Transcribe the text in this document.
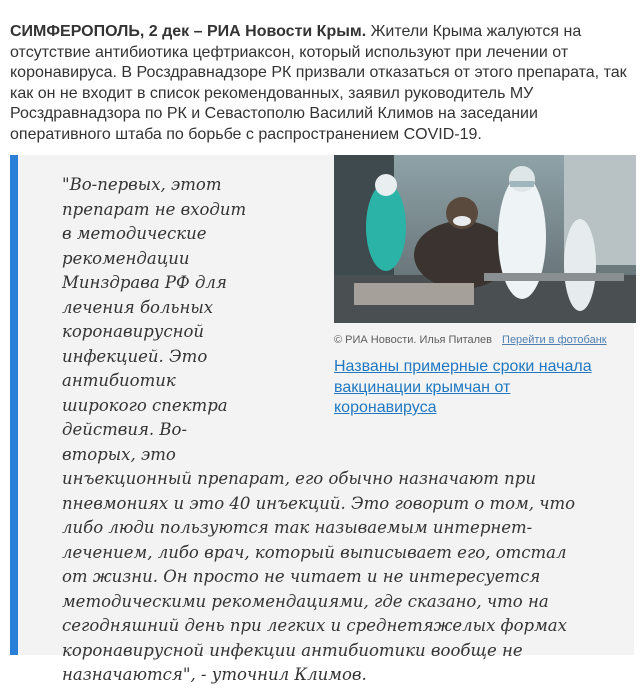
СИМФЕРОПОЛЬ, 2 дек – РИА Новости Крым. Жители Крыма жалуются на отсутствие антибиотика цефтриаксон, который используют при лечении от коронавируса. В Росздравнадзоре РК призвали отказаться от этого препарата, так как он не входит в список рекомендованных, заявил руководитель МУ Росздравнадзора по РК и Севастополю Василий Климов на заседании оперативного штаба по борьбе с распространением COVID-19.

© РИА Новости. Илья Питалев Перейти в фотобанк
Названы примерные сроки начала вакцинации крымчан от коронавируса
"Во-первых, этот препарат не входит в методические рекомендации Минздрава РФ для лечения больных коронавирусной инфекцией. Это антибиотик широкого спектра действия. Во-вторых, это инъекционный препарат, его обычно назначают при пневмониях и это 40 инъекций. Это говорит о том, что либо люди пользуются так называемым интернет-лечением, либо врач, который выписывает его, отстал от жизни. Он просто не читает и не интересуется методическими рекомендациями, где сказано, что на сегодняшний день при легких и среднетяжелых формах коронавирусной инфекции антибиотики вообще не назначаются", - уточнил Климов.
